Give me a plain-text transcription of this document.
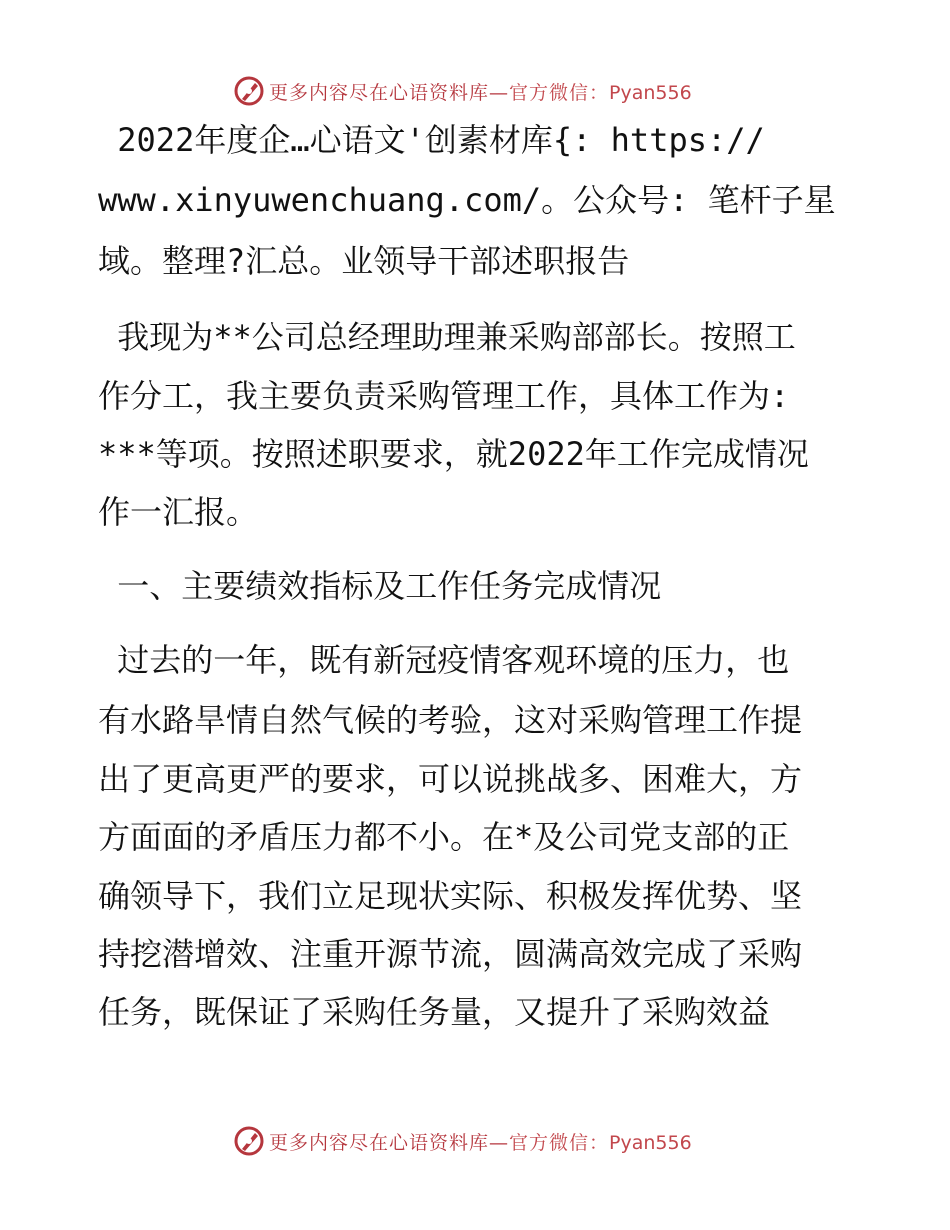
更多内容尽在心语资料库—官方微信：Pyan556
2022年度企…心语文'创素材库{: https://
www.xinyuwenchuang.com/。公众号: 笔杆子星
域。整理?汇总。业领导干部述职报告
我现为**公司总经理助理兼采购部部长。按照工
作分工，我主要负责采购管理工作，具体工作为:
***等项。按照述职要求，就2022年工作完成情况
作一汇报。
一、主要绩效指标及工作任务完成情况
过去的一年，既有新冠疫情客观环境的压力，也
有水路旱情自然气候的考验，这对采购管理工作提
出了更高更严的要求，可以说挑战多、困难大，方
方面面的矛盾压力都不小。在*及公司党支部的正
确领导下，我们立足现状实际、积极发挥优势、坚
持挖潜增效、注重开源节流，圆满高效完成了采购
任务，既保证了采购任务量，又提升了采购效益
更多内容尽在心语资料库—官方微信：Pyan556
